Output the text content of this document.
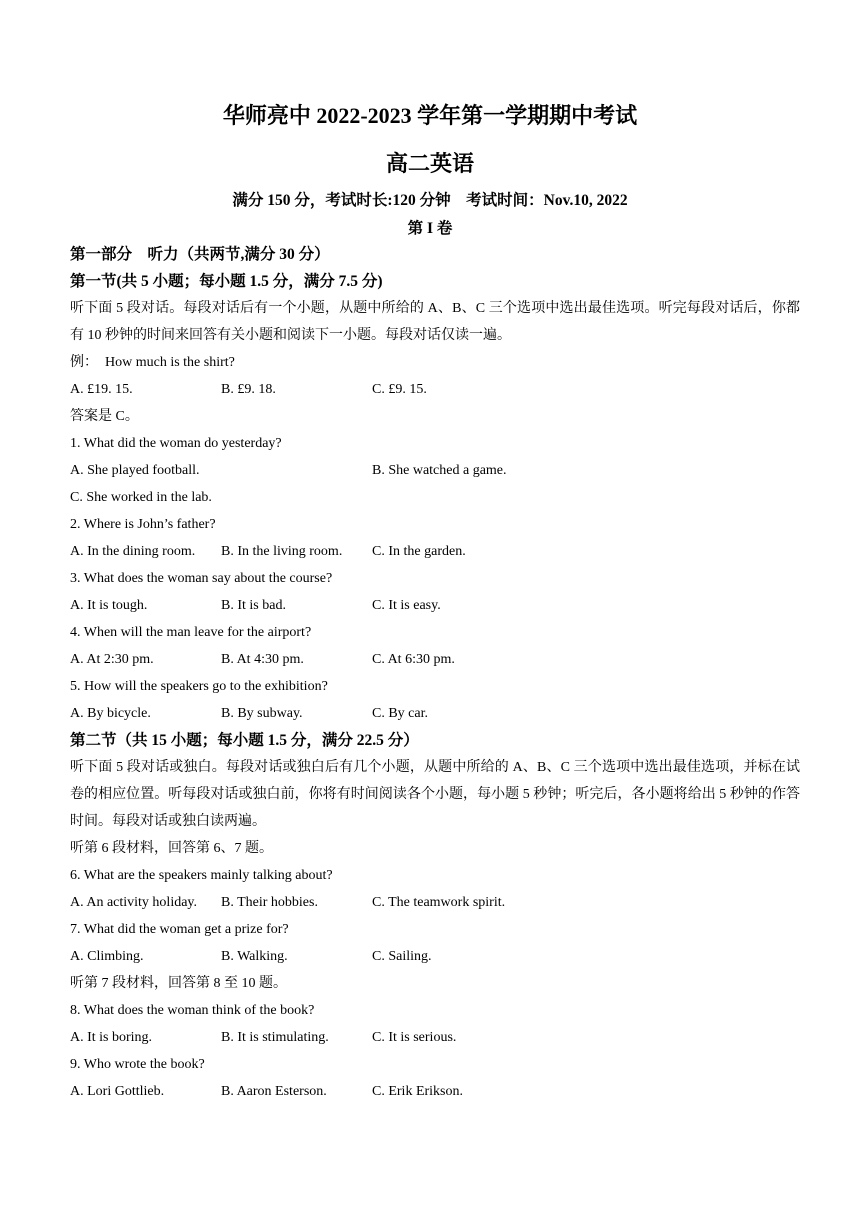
华师亮中 2022-2023 学年第一学期期中考试
高二英语
满分 150 分，考试时长:120 分钟　考试时间：Nov.10, 2022
第 I 卷
第一部分　听力（共两节,满分 30 分）
第一节(共 5 小题；每小题 1.5 分，满分 7.5 分)
听下面 5 段对话。每段对话后有一个小题，从题中所给的 A、B、C 三个选项中选出最佳选项。听完每段对话后，你都有 10 秒钟的时间来回答有关小题和阅读下一小题。每段对话仅读一遍。
例：　How much is the shirt?
A. £19. 15.	B. £9. 18.	C. £9. 15.
答案是 C。
1. What did the woman do yesterday?
A. She played football.	B. She watched a game.
C. She worked in the lab.
2. Where is John’s father?
A. In the dining room. B. In the living room. C. In the garden.
3. What does the woman say about the course?
A. It is tough.	B. It is bad.	C. It is easy.
4. When will the man leave for the airport?
A. At 2:30 pm.	B. At 4:30 pm.	C. At 6:30 pm.
5. How will the speakers go to the exhibition?
A. By bicycle.	B. By subway.	C. By car.
第二节（共 15 小题；每小题 1.5 分，满分 22.5 分）
听下面 5 段对话或独白。每段对话或独白后有几个小题，从题中所给的 A、B、C 三个选项中选出最佳选项，并标在试卷的相应位置。听每段对话或独白前，你将有时间阅读各个小题，每小题 5 秒钟；听完后，各小题将给出 5 秒钟的作答时间。每段对话或独白读两遍。
听第 6 段材料，回答第 6、7 题。
6. What are the speakers mainly talking about?
A. An activity holiday. B. Their hobbies.	C. The teamwork spirit.
7. What did the woman get a prize for?
A. Climbing.	B. Walking.	C. Sailing.
听第 7 段材料，回答第 8 至 10 题。
8. What does the woman think of the book?
A. It is boring.	B. It is stimulating.	C. It is serious.
9. Who wrote the book?
A. Lori Gottlieb.	B. Aaron Esterson.	C. Erik Erikson.
